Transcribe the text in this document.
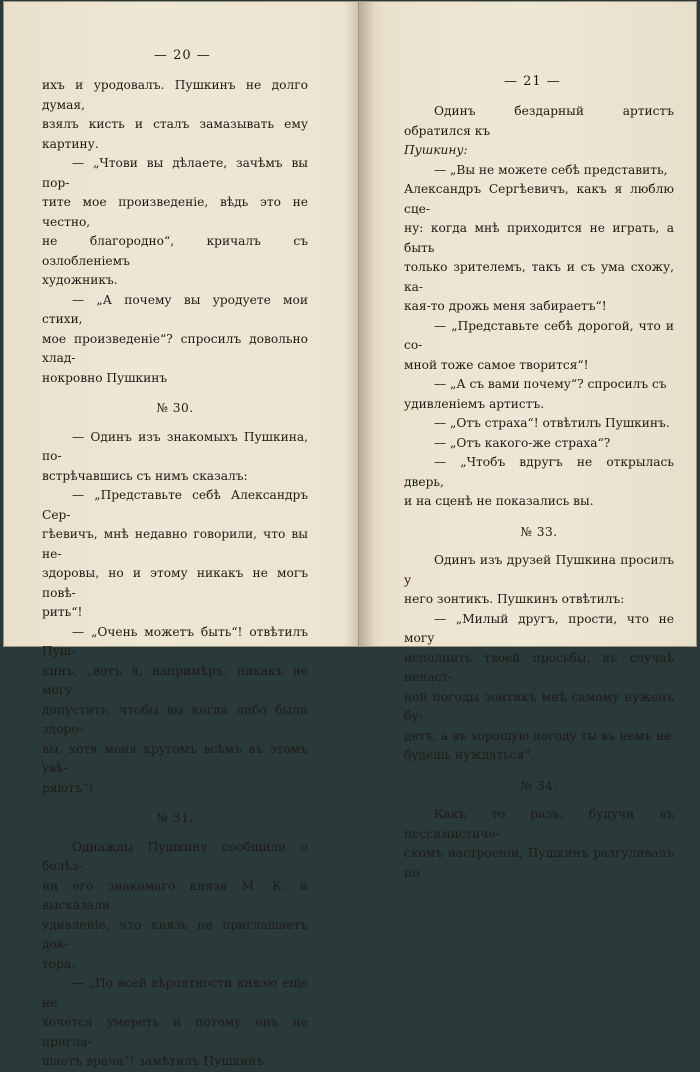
— 20 —

ихъ и уродовалъ. Пушкинъ не долго думая,

взялъ кисть и сталъ замазывать ему картину.

— „Чтови вы дѣлаете, зачѣмъ вы пор-

тите мое произведеніе, вѣдь это не честно,

не благородно“, кричалъ съ озлобленіемъ

художникъ.

— „А почему вы уродуете мои стихи,

мое произведеніе“? спросилъ довольно хлад-

нокровно Пушкинъ

№ 30.

— Одинъ изъ знакомыхъ Пушкина, по-

встрѣчавшись съ нимъ сказалъ:

— „Представьте себѣ Александръ Сер-

гѣевичъ, мнѣ недавно говорили, что вы не-

здоровы, но и этому никакъ не могъ повѣ-

рить“!

— „Очень можетъ быть“! отвѣтилъ Пуш-

кинъ, „вотъ я, напримѣръ, никакъ не могу

допустить, чтобы вы когда либо были здоро-

вы, хотя меня кругомъ всѣмъ въ этомъ увѣ-

ряютъ“!

№ 31.

Однажды Пушкину сообщили о болѣз-

ни его знакомаго князя М. К. и высказали

удивленіе, что князь не приглашаетъ док-

тора.

— „По всей вѣроятности князю еще не

хочется умереть и потому онъ не пригла-

шаетъ врача“! замѣтилъ Пушкинъ.

— 21 —

Одинъ бездарный артистъ обратился къ

Пушкину:

— „Вы не можете себѣ представить,

Александръ Сергѣевичъ, какъ я люблю сце-

ну: когда мнѣ приходится не играть, а быть

только зрителемъ, такъ и съ ума схожу, ка-

кая-то дрожь меня забираетъ“!

— „Представьте себѣ дорогой, что и со-

мной тоже самое творится“!

— „А съ вами почему“? спросилъ съ

удивленіемъ артистъ.

— „Отъ страха“! отвѣтилъ Пушкинъ.

— „Отъ какого-же страха“?

— „Чтобъ вдругъ не открылась дверь,

и на сценѣ не показались вы.

№ 33.

Одинъ изъ друзей Пушкина просилъ у

него зонтикъ. Пушкинъ отвѣтилъ:

— „Милый другъ, прости, что не могу

исполнить твоей просьбы, въ случаѣ ненаст-

ной погоды зонтикъ мнѣ самому нуженъ бу-

детъ, а въ хорошую погоду ты въ немъ не

будешь нуждаться“.

№ 34.

Какъ то разъ, будучи въ пессимистиче-

скомъ настроеніи, Пушкинъ разгуливалъ по
